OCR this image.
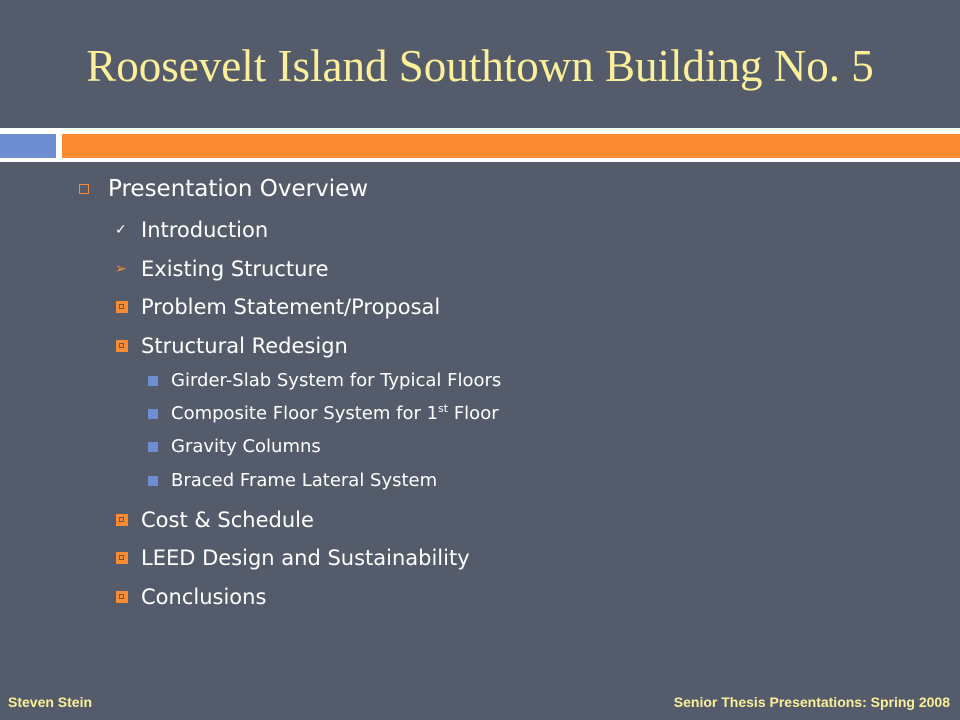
Roosevelt Island Southtown Building No. 5
Presentation Overview
✓ Introduction
➢ Existing Structure
Problem Statement/Proposal
Structural Redesign
Girder-Slab System for Typical Floors
Composite Floor System for 1st Floor
Gravity Columns
Braced Frame Lateral System
Cost & Schedule
LEED Design and Sustainability
Conclusions
Steven Stein	Senior Thesis Presentations: Spring 2008
